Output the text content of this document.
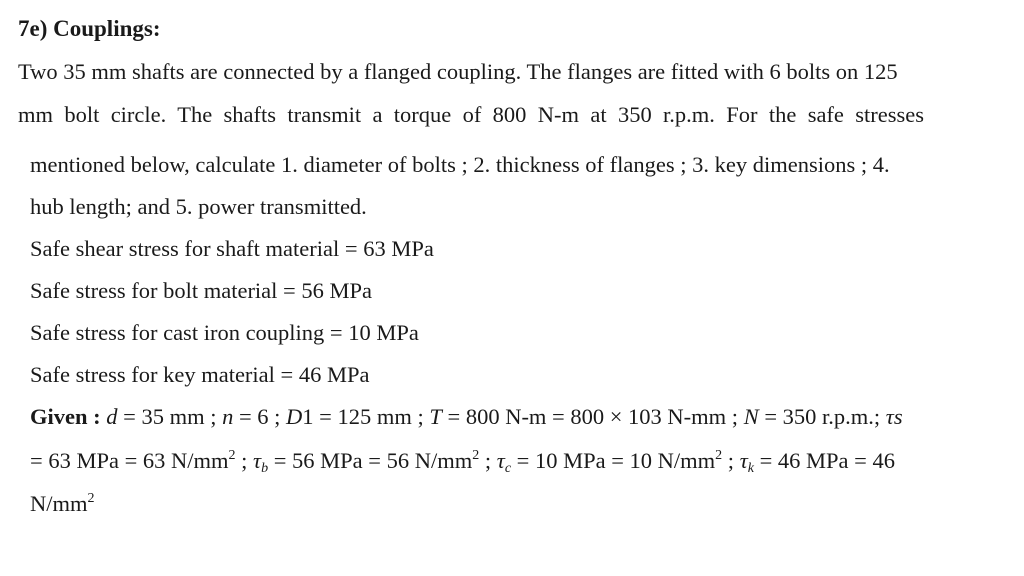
7e) Couplings:
Two 35 mm shafts are connected by a flanged coupling. The flanges are fitted with 6 bolts on 125
mm bolt circle. The shafts transmit a torque of 800 N-m at 350 r.p.m. For the safe stresses
mentioned below, calculate 1. diameter of bolts ; 2. thickness of flanges ; 3. key dimensions ; 4.
hub length; and 5. power transmitted.
Safe shear stress for shaft material = 63 MPa
Safe stress for bolt material = 56 MPa
Safe stress for cast iron coupling = 10 MPa
Safe stress for key material = 46 MPa
Given : d = 35 mm ; n = 6 ; D1 = 125 mm ; T = 800 N-m = 800 × 103 N-mm ; N = 350 r.p.m.; τs
= 63 MPa = 63 $N/mm^2$ ; $\tau_b = 56$ MPa = 56 $N/mm^2$ ; $\tau_c = 10$ MPa = 10 $N/mm^2$ ; $\tau_k = 46$ MPa = 46
$N/mm^2$
